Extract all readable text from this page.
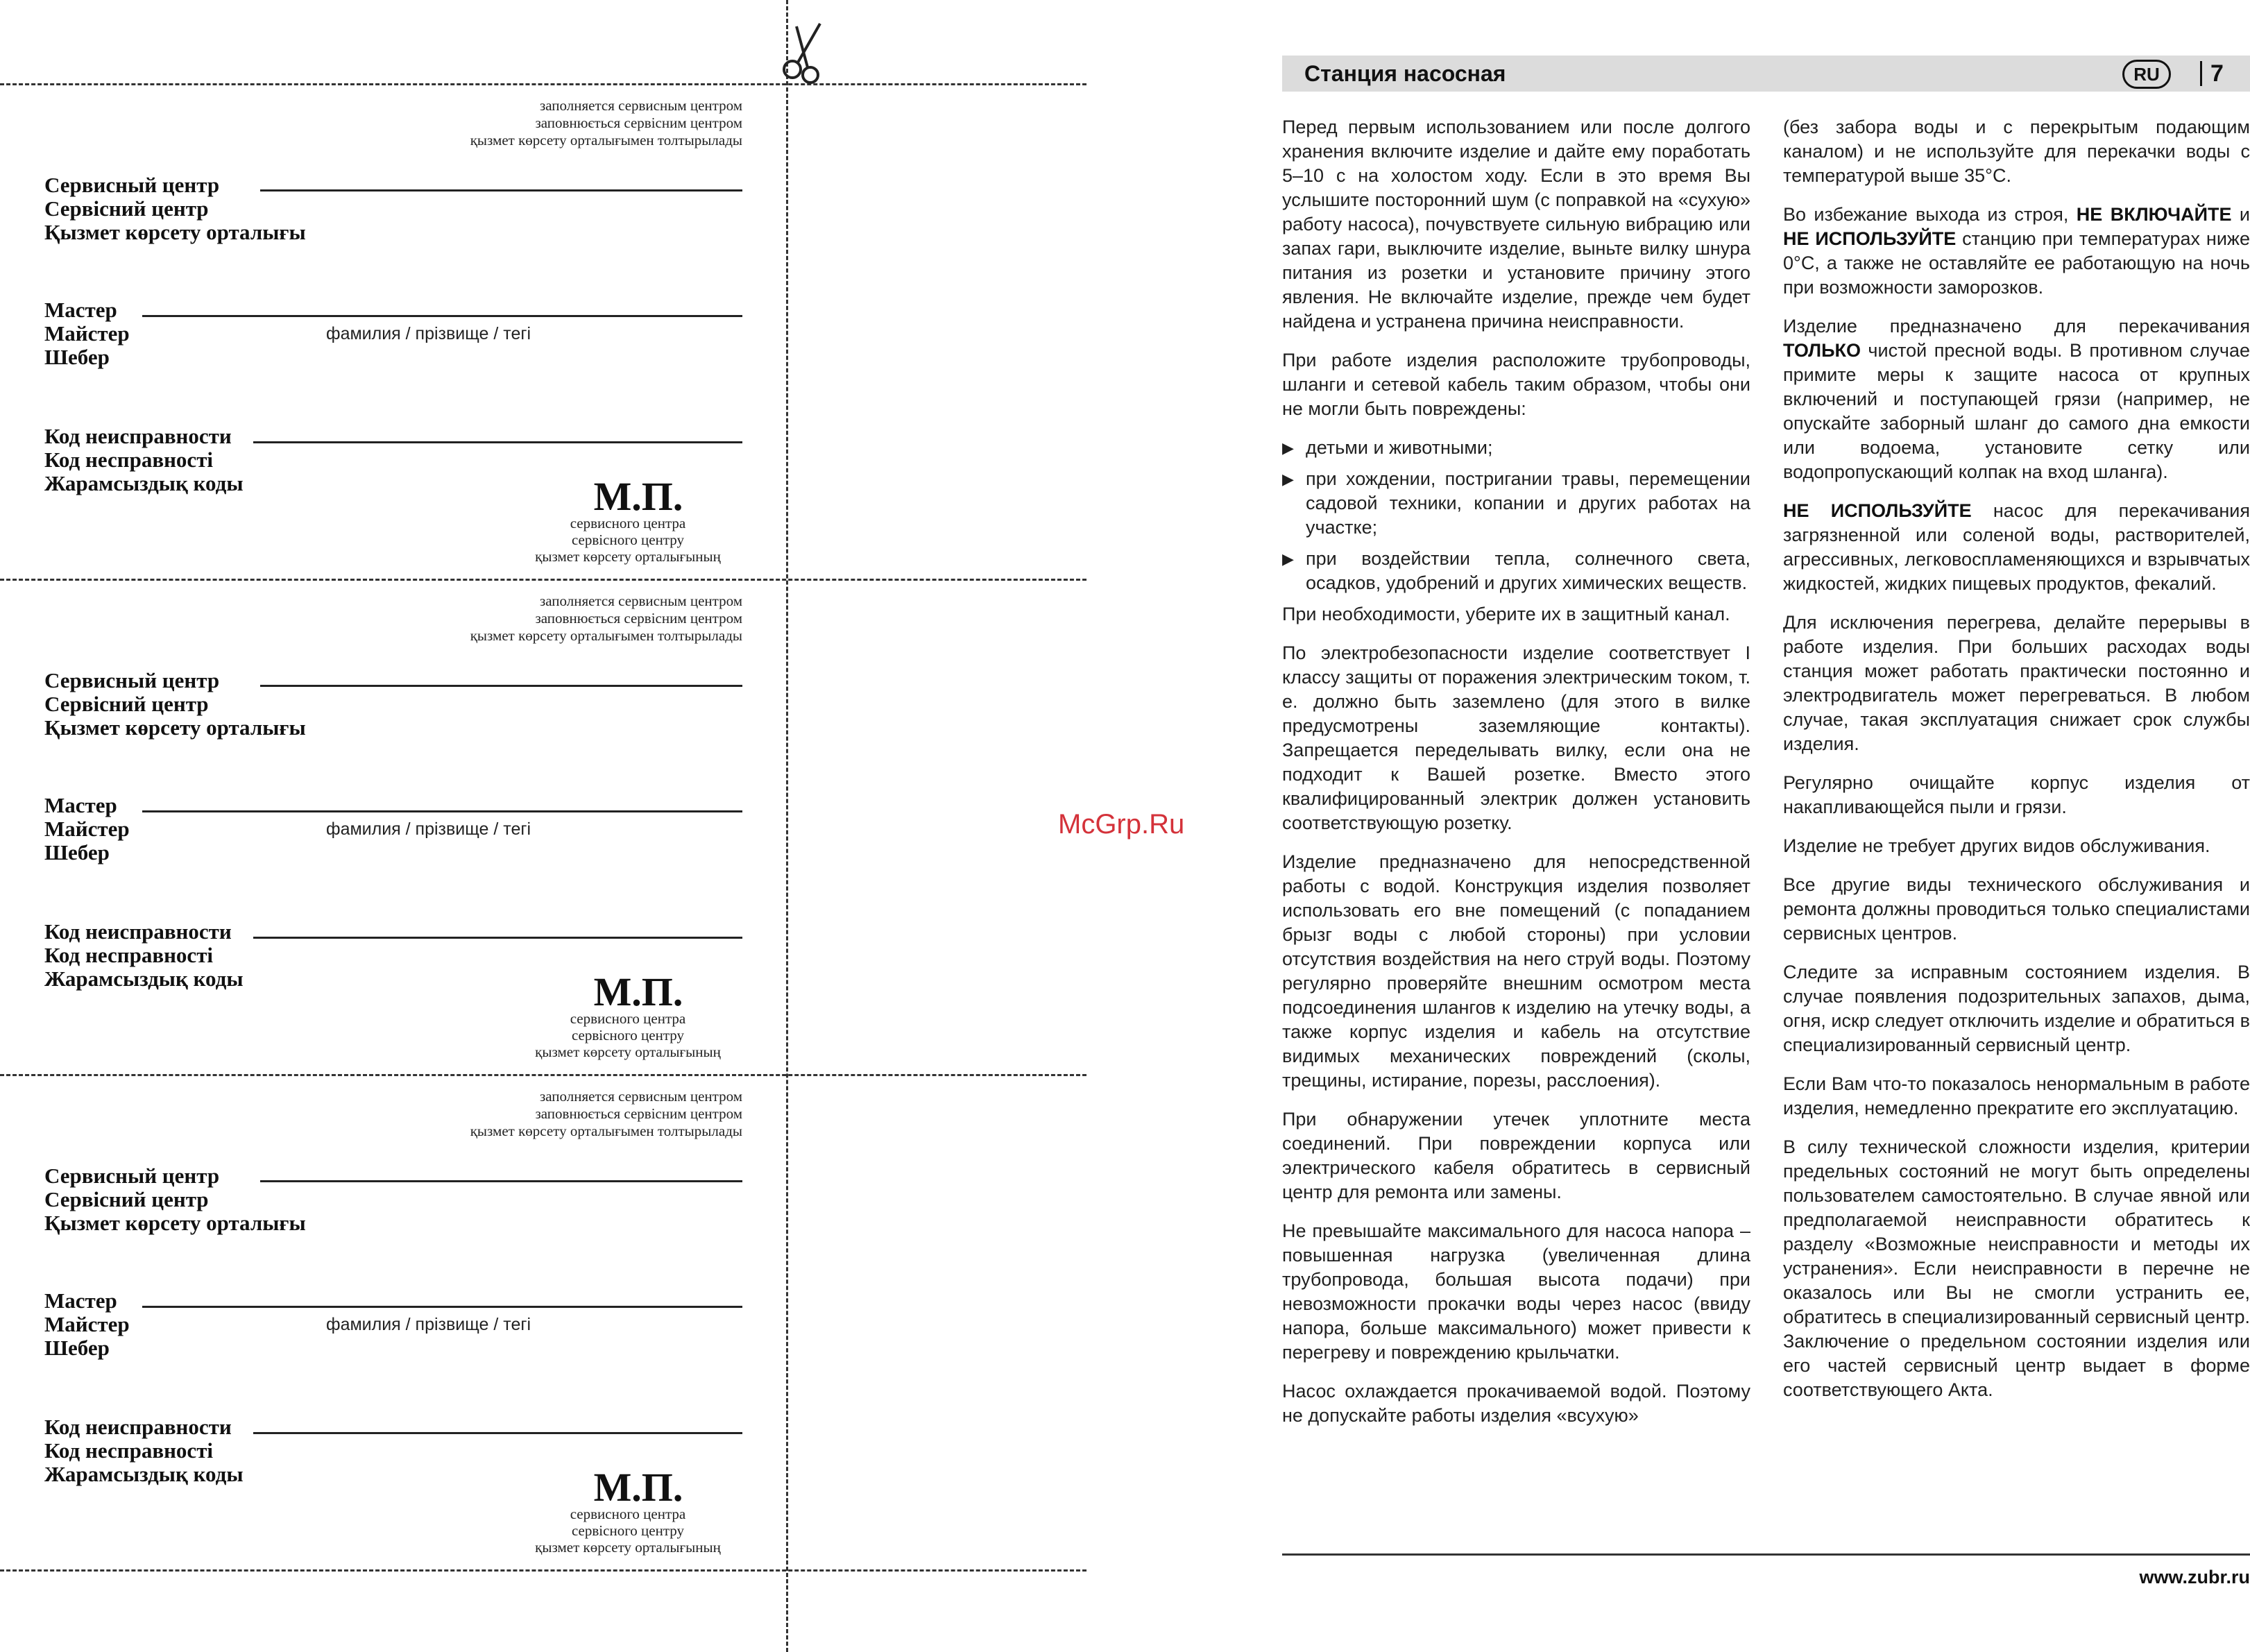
заполняется сервисным центром
заповнюється сервісним центром
қызмет көрсету орталығымен толтырылады
Сервисный центр
Сервісний центр
Қызмет көрсету орталығы
Мастер
Майстер
Шебер
фамилия / прізвище / тегі
Код неисправности
Код несправності
Жарамсыздық коды	М.П.
сервисного центра
сервісного центру
қызмет көрсету орталығының
заполняется сервисным центром
заповнюється сервісним центром
қызмет көрсету орталығымен толтырылады
Сервисный центр
Сервісний центр
Қызмет көрсету орталығы
Мастер
Майстер
Шебер
фамилия / прізвище / тегі
Код неисправности
Код несправності
Жарамсыздық коды	М.П.
сервисного центра
сервісного центру
қызмет көрсету орталығының
заполняется сервисным центром
заповнюється сервісним центром
қызмет көрсету орталығымен толтырылады
Сервисный центр
Сервісний центр
Қызмет көрсету орталығы
Мастер
Майстер
Шебер
фамилия / прізвище / тегі
Код неисправности
Код несправності
Жарамсыздық коды	М.П.
сервисного центра
сервісного центру
қызмет көрсету орталығының
McGrp.Ru
Станция насосная	RU	7

Перед первым использованием или после долгого хранения включите изделие и дайте ему поработать 5–10 с на холостом ходу. Если в это время Вы услышите посторонний шум (с поправкой на «сухую» работу насоса), почувствуете сильную вибрацию или запах гари, выключите изделие, выньте вилку шнура питания из розетки и установите причину этого явления. Не включайте изделие, прежде чем будет найдена и устранена причина неисправности.

При работе изделия расположите трубопроводы, шланги и сетевой кабель таким образом, чтобы они не могли быть повреждены:

▶ детьми и животными;
▶ при хождении, постригании травы, перемещении садовой техники, копании и других работах на участке;
▶ при воздействии тепла, солнечного света, осадков, удобрений и других химических веществ.

При необходимости, уберите их в защитный канал.

По электробезопасности изделие соответствует I классу защиты от поражения электрическим током, т. е. должно быть заземлено (для этого в вилке предусмотрены заземляющие контакты). Запрещается переделывать вилку, если она не подходит к Вашей розетке. Вместо этого квалифицированный электрик должен установить соответствующую розетку.

Изделие предназначено для непосредственной работы с водой. Конструкция изделия позволяет использовать его вне помещений (с попаданием брызг воды с любой стороны) при условии отсутствия воздействия на него струй воды. Поэтому регулярно проверяйте внешним осмотром места подсоединения шлангов к изделию на утечку воды, а также корпус изделия и кабель на отсутствие видимых механических повреждений (сколы, трещины, истирание, порезы, расслоения).

При обнаружении утечек уплотните места соединений. При повреждении корпуса или электрического кабеля обратитесь в сервисный центр для ремонта или замены.

Не превышайте максимального для насоса напора – повышенная нагрузка (увеличенная длина трубопровода, большая высота подачи) при невозможности прокачки воды через насос (ввиду напора, больше максимального) может привести к перегреву и повреждению крыльчатки.

Насос охлаждается прокачиваемой водой. Поэтому не допускайте работы изделия «всухую»

(без забора воды и с перекрытым подающим каналом) и не используйте для перекачки воды с температурой выше 35°С.

Во избежание выхода из строя, НЕ ВКЛЮЧАЙТЕ и НЕ ИСПОЛЬЗУЙТЕ станцию при температурах ниже 0°С, а также не оставляйте ее работающую на ночь при возможности заморозков.

Изделие предназначено для перекачивания ТОЛЬКО чистой пресной воды. В противном случае примите меры к защите насоса от крупных включений и поступающей грязи (например, не опускайте заборный шланг до самого дна емкости или водоема, установите сетку или водопропускающий колпак на вход шланга).

НЕ ИСПОЛЬЗУЙТЕ насос для перекачивания загрязненной или соленой воды, растворителей, агрессивных, легковоспламеняющихся и взрывчатых жидкостей, жидких пищевых продуктов, фекалий.

Для исключения перегрева, делайте перерывы в работе изделия. При больших расходах воды станция может работать практически постоянно и электродвигатель может перегреваться. В любом случае, такая эксплуатация снижает срок службы изделия.

Регулярно очищайте корпус изделия от накапливающейся пыли и грязи.

Изделие не требует других видов обслуживания.

Все другие виды технического обслуживания и ремонта должны проводиться только специалистами сервисных центров.

Следите за исправным состоянием изделия. В случае появления подозрительных запахов, дыма, огня, искр следует отключить изделие и обратиться в специализированный сервисный центр.

Если Вам что-то показалось ненормальным в работе изделия, немедленно прекратите его эксплуатацию.

В силу технической сложности изделия, критерии предельных состояний не могут быть определены пользователем самостоятельно. В случае явной или предполагаемой неисправности обратитесь к разделу «Возможные неисправности и методы их устранения». Если неисправности в перечне не оказалось или Вы не смогли устранить ее, обратитесь в специализированный сервисный центр. Заключение о предельном состоянии изделия или его частей сервисный центр выдает в форме соответствующего Акта.

www.zubr.ru
